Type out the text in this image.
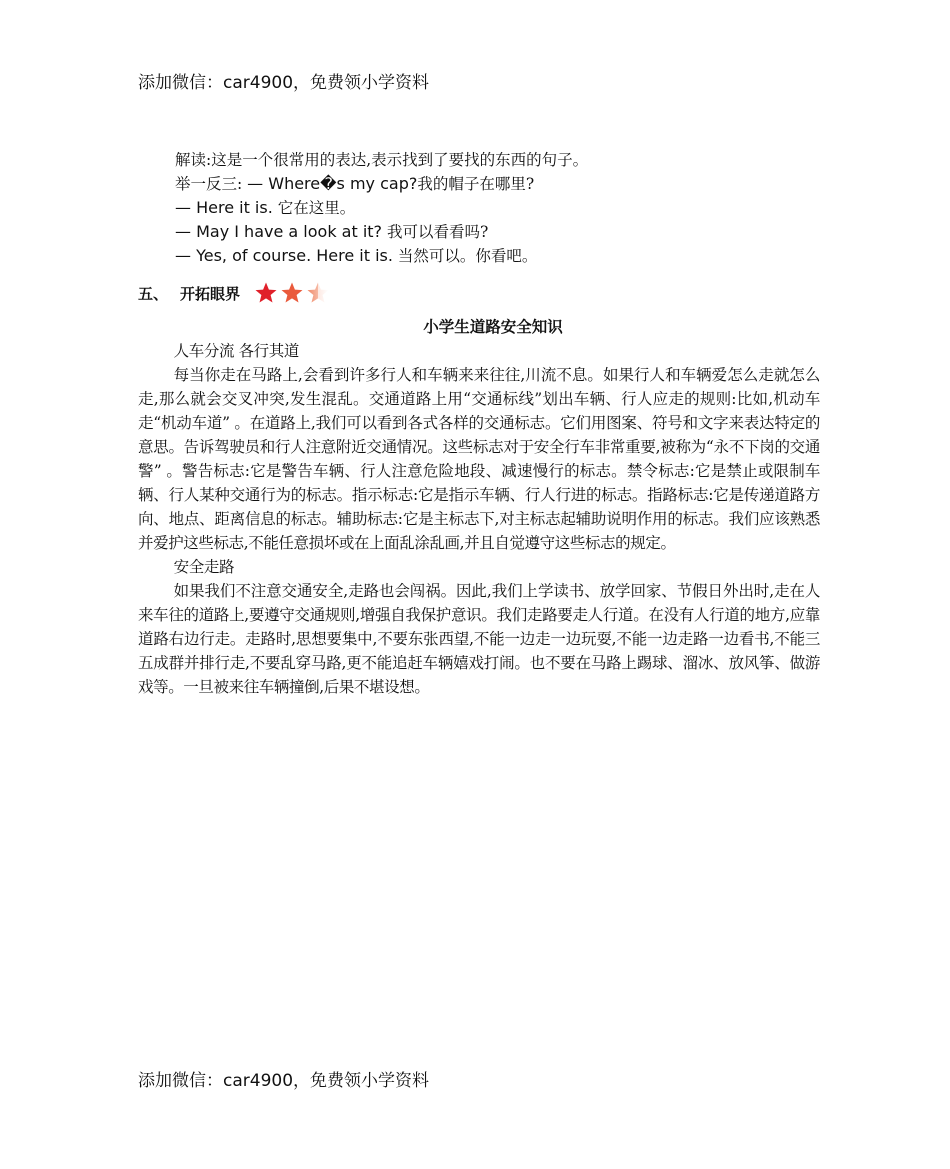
添加微信：car4900，免费领小学资料
解读:这是一个很常用的表达,表示找到了要找的东西的句子。
举一反三: — Where�s my cap?我的帽子在哪里?
— Here it is. 它在这里。
— May I have a look at it? 我可以看看吗?
— Yes, of course. Here it is. 当然可以。你看吧。
五、 开拓眼界
小学生道路安全知识

人车分流 各行其道

每当你走在马路上,会看到许多行人和车辆来来往往,川流不息。如果行人和车辆爱怎么走就怎么走,那么就会交叉冲突,发生混乱。交通道路上用“交通标线”划出车辆、行人应走的规则:比如,机动车走“机动车道” 。在道路上,我们可以看到各式各样的交通标志。它们用图案、符号和文字来表达特定的意思。告诉驾驶员和行人注意附近交通情况。这些标志对于安全行车非常重要,被称为“永不下岗的交通警” 。警告标志:它是警告车辆、行人注意危险地段、减速慢行的标志。禁令标志:它是禁止或限制车辆、行人某种交通行为的标志。指示标志:它是指示车辆、行人行进的标志。指路标志:它是传递道路方向、地点、距离信息的标志。辅助标志:它是主标志下,对主标志起辅助说明作用的标志。我们应该熟悉并爱护这些标志,不能任意损坏或在上面乱涂乱画,并且自觉遵守这些标志的规定。

安全走路

如果我们不注意交通安全,走路也会闯祸。因此,我们上学读书、放学回家、节假日外出时,走在人来车往的道路上,要遵守交通规则,增强自我保护意识。我们走路要走人行道。在没有人行道的地方,应靠道路右边行走。走路时,思想要集中,不要东张西望,不能一边走一边玩耍,不能一边走路一边看书,不能三五成群并排行走,不要乱穿马路,更不能追赶车辆嬉戏打闹。也不要在马路上踢球、溜冰、放风筝、做游戏等。一旦被来往车辆撞倒,后果不堪设想。

添加微信：car4900，免费领小学资料
